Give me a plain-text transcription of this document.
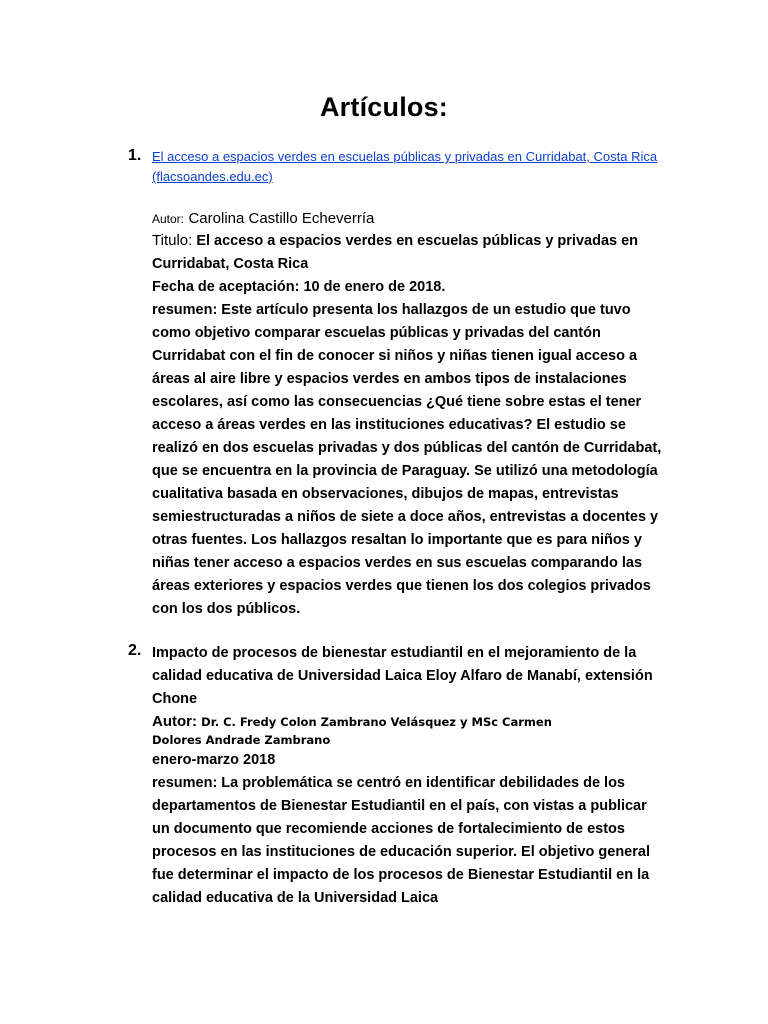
Artículos:
1. El acceso a espacios verdes en escuelas públicas y privadas en Curridabat, Costa Rica
(flacsoandes.edu.ec)
Autor: Carolina Castillo Echeverría
Titulo: El acceso a espacios verdes en escuelas públicas y privadas en Curridabat, Costa Rica
Fecha de aceptación: 10 de enero de 2018.
resumen: Este artículo presenta los hallazgos de un estudio que tuvo como objetivo comparar escuelas públicas y privadas del cantón Curridabat con el fin de conocer si niños y niñas tienen igual acceso a áreas al aire libre y espacios verdes en ambos tipos de instalaciones escolares, así como las consecuencias ¿Qué tiene sobre estas el tener acceso a áreas verdes en las instituciones educativas? El estudio se realizó en dos escuelas privadas y dos públicas del cantón de Curridabat, que se encuentra en la provincia de Paraguay. Se utilizó una metodología cualitativa basada en observaciones, dibujos de mapas, entrevistas semiestructuradas a niños de siete a doce años, entrevistas a docentes y otras fuentes. Los hallazgos resaltan lo importante que es para niños y niñas tener acceso a espacios verdes en sus escuelas comparando las áreas exteriores y espacios verdes que tienen los dos colegios privados con los dos públicos.
2. Impacto de procesos de bienestar estudiantil en el mejoramiento de la calidad educativa de Universidad Laica Eloy Alfaro de Manabí, extensión Chone
Autor: Dr. C. Fredy Colon Zambrano Velásquez y MSc Carmen
Dolores Andrade Zambrano
enero-marzo 2018
resumen: La problemática se centró en identificar debilidades de los departamentos de Bienestar Estudiantil en el país, con vistas a publicar un documento que recomiende acciones de fortalecimiento de estos procesos en las instituciones de educación superior. El objetivo general fue determinar el impacto de los procesos de Bienestar Estudiantil en la calidad educativa de la Universidad Laica
